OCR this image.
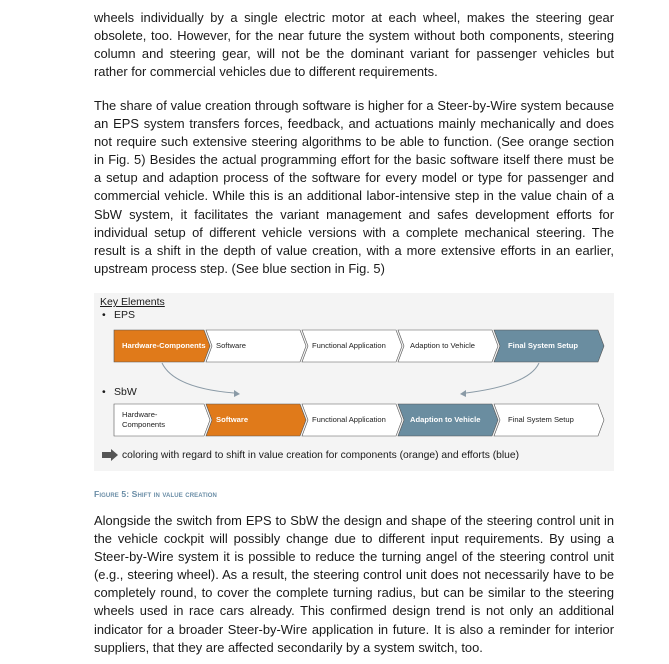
wheels individually by a single electric motor at each wheel, makes the steering gear obsolete, too. However, for the near future the system without both components, steering column and steering gear, will not be the dominant variant for passenger vehicles but rather for commercial vehicles due to different requirements.

The share of value creation through software is higher for a Steer-by-Wire system because an EPS system transfers forces, feedback, and actuations mainly mechanically and does not require such extensive steering algorithms to be able to function. (See orange section in Fig. 5) Besides the actual programming effort for the basic software itself there must be a setup and adaption process of the software for every model or type for passenger and commercial vehicle. While this is an additional labor-intensive step in the value chain of a SbW system, it facilitates the variant management and safes development efforts for individual setup of different vehicle versions with a complete mechanical steering. The result is a shift in the depth of value creation, with a more extensive efforts in an earlier, upstream process step. (See blue section in Fig. 5)

Key Elements
• EPS
Hardware-Components Software	Functional Application	Adaption to Vehicle	Final System Setup
• SbW
Hardware-
Components
Software	Functional Application	Adaption to Vehicle	Final System Setup
coloring with regard to shift in value creation for components (orange) and efforts (blue)
Figure 5: Shift in value creation

Alongside the switch from EPS to SbW the design and shape of the steering control unit in the vehicle cockpit will possibly change due to different input requirements. By using a Steer-by-Wire system it is possible to reduce the turning angel of the steering control unit (e.g., steering wheel). As a result, the steering control unit does not necessarily have to be completely round, to cover the complete turning radius, but can be similar to the steering wheels used in race cars already. This confirmed design trend is not only an additional indicator for a broader Steer-by-Wire application in future. It is also a reminder for interior suppliers, that they are affected secondarily by a system switch, too.
